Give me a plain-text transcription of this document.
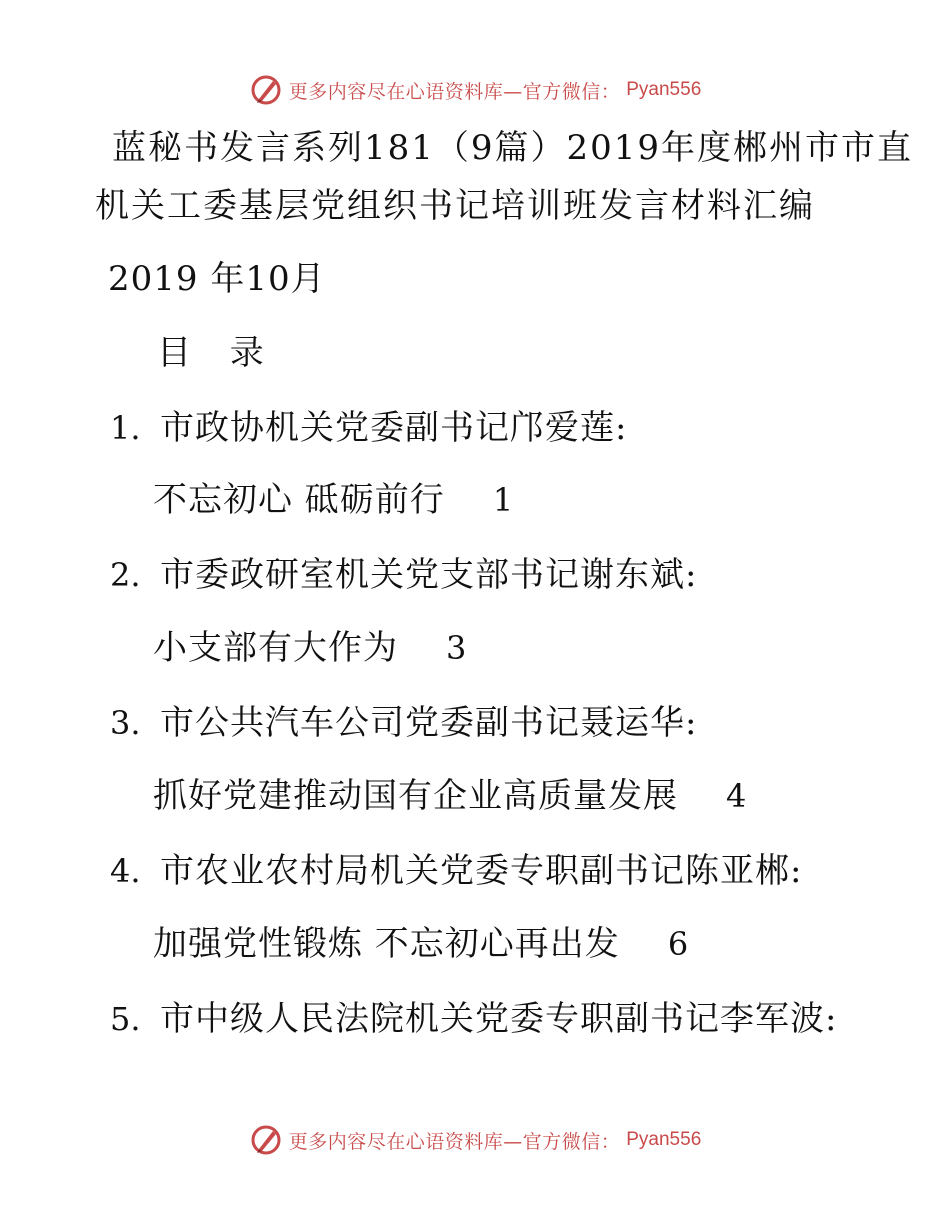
更多内容尽在心语资料库—官方微信： Pyan556
蓝秘书发言系列181（9篇）2019年度郴州市市直
机关工委基层党组织书记培训班发言材料汇编
2019 年10月
目 录
1. 市政协机关党委副书记邝爱莲:
不忘初心 砥砺前行 1
2. 市委政研室机关党支部书记谢东斌:
小支部有大作为 3
3. 市公共汽车公司党委副书记聂运华:
抓好党建推动国有企业高质量发展 4
4. 市农业农村局机关党委专职副书记陈亚郴:
加强党性锻炼 不忘初心再出发 6
5. 市中级人民法院机关党委专职副书记李军波:
更多内容尽在心语资料库—官方微信： Pyan556
